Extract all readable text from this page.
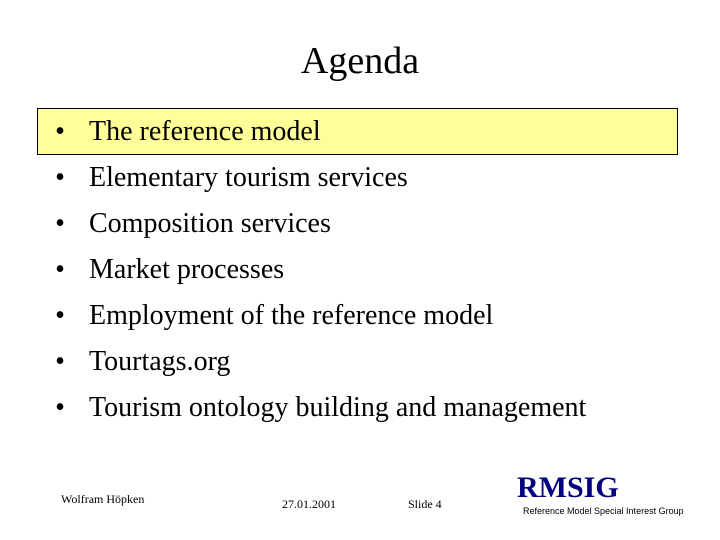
Agenda
• The reference model
• Elementary tourism services
• Composition services
• Market processes
• Employment of the reference model
• Tourtags.org
• Tourism ontology building and management
Wolfram Höpken	27.01.2001	Slide 4	RMSIG
Reference Model Special Interest Group
